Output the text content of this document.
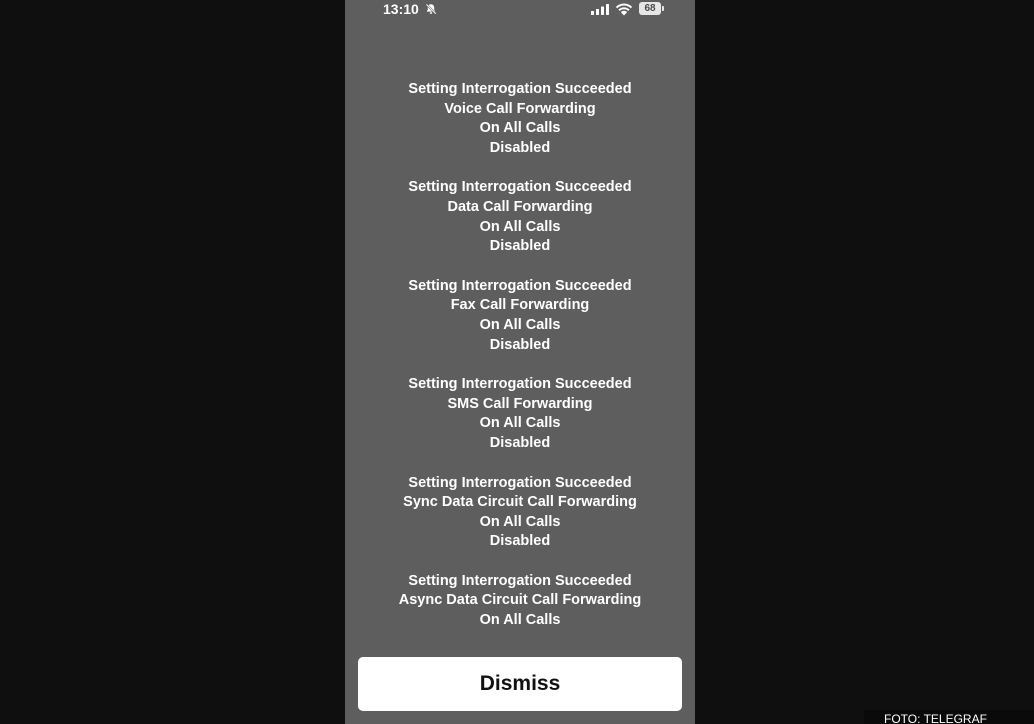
13:10	68
Setting Interrogation Succeeded
Voice Call Forwarding
On All Calls
Disabled
Setting Interrogation Succeeded
Data Call Forwarding
On All Calls
Disabled
Setting Interrogation Succeeded
Fax Call Forwarding
On All Calls
Disabled
Setting Interrogation Succeeded
SMS Call Forwarding
On All Calls
Disabled
Setting Interrogation Succeeded
Sync Data Circuit Call Forwarding
On All Calls
Disabled
Setting Interrogation Succeeded
Async Data Circuit Call Forwarding
On All Calls
Dismiss
FOTO: TELEGRAF
